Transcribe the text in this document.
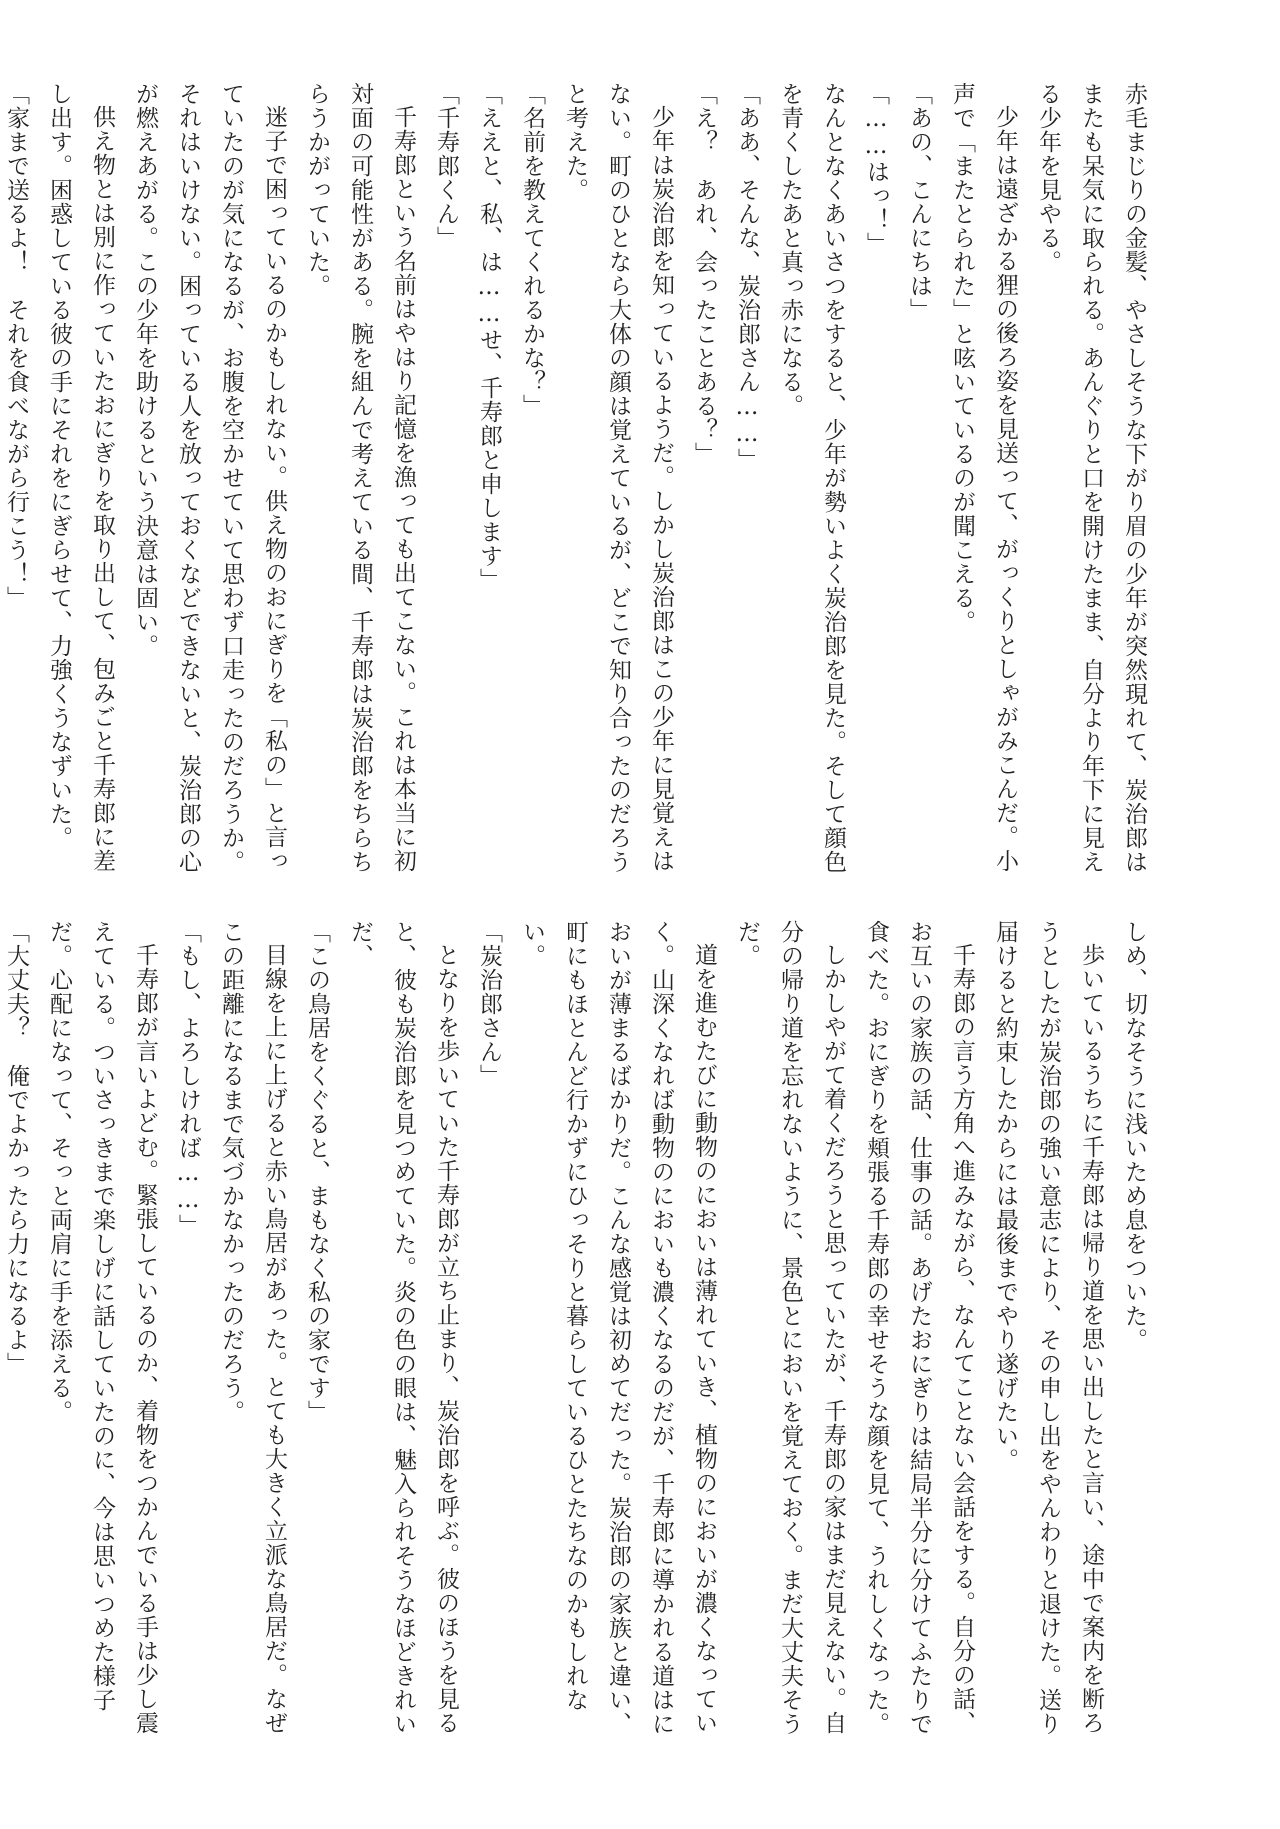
赤毛まじりの金髪、やさしそうな下がり眉の少年が突然現れて、炭治郎はまたも呆気に取られる。あんぐりと口を開けたまま、自分より年下に見える少年を見やる。

少年は遠ざかる狸の後ろ姿を見送って、がっくりとしゃがみこんだ。小声で「またとられた」と呟いているのが聞こえる。

「あの、こんにちは」

「……はっ！」

なんとなくあいさつをすると、少年が勢いよく炭治郎を見た。そして顔色を青くしたあと真っ赤になる。

「ああ、そんな、炭治郎さん……」

「え？　あれ、会ったことある？」

少年は炭治郎を知っているようだ。しかし炭治郎はこの少年に見覚えはない。町のひとなら大体の顔は覚えているが、どこで知り合ったのだろうと考えた。

「名前を教えてくれるかな？」

「ええと、私、は……せ、千寿郎と申します」

「千寿郎くん」

千寿郎という名前はやはり記憶を漁っても出てこない。これは本当に初対面の可能性がある。腕を組んで考えている間、千寿郎は炭治郎をちらちらうかがっていた。

迷子で困っているのかもしれない。供え物のおにぎりを「私の」と言っていたのが気になるが、お腹を空かせていて思わず口走ったのだろうか。それはいけない。困っている人を放っておくなどできないと、炭治郎の心が燃えあがる。この少年を助けるという決意は固い。

供え物とは別に作っていたおにぎりを取り出して、包みごと千寿郎に差し出す。困惑している彼の手にそれをにぎらせて、力強くうなずいた。

「家まで送るよ！　それを食べながら行こう！」

しめ、切なそうに浅いため息をついた。

歩いているうちに千寿郎は帰り道を思い出したと言い、途中で案内を断ろうとしたが炭治郎の強い意志により、その申し出をやんわりと退けた。送り届けると約束したからには最後までやり遂げたい。

千寿郎の言う方角へ進みながら、なんてことない会話をする。自分の話、お互いの家族の話、仕事の話。あげたおにぎりは結局半分に分けてふたりで食べた。おにぎりを頬張る千寿郎の幸せそうな顔を見て、うれしくなった。

しかしやがて着くだろうと思っていたが、千寿郎の家はまだ見えない。自分の帰り道を忘れないように、景色とにおいを覚えておく。まだ大丈夫そうだ。

道を進むたびに動物のにおいは薄れていき、植物のにおいが濃くなっていく。山深くなれば動物のにおいも濃くなるのだが、千寿郎に導かれる道はにおいが薄まるばかりだ。こんな感覚は初めてだった。炭治郎の家族と違い、町にもほとんど行かずにひっそりと暮らしているひとたちなのかもしれない。

「炭治郎さん」

となりを歩いていた千寿郎が立ち止まり、炭治郎を呼ぶ。彼のほうを見ると、彼も炭治郎を見つめていた。炎の色の眼は、魅入られそうなほどきれいだ、

「この鳥居をくぐると、まもなく私の家です」

目線を上に上げると赤い鳥居があった。とても大きく立派な鳥居だ。なぜこの距離になるまで気づかなかったのだろう。

「もし、よろしければ……」

千寿郎が言いよどむ。緊張しているのか、着物をつかんでいる手は少し震えている。ついさっきまで楽しげに話していたのに、今は思いつめた様子だ。心配になって、そっと両肩に手を添える。

「大丈夫？　俺でよかったら力になるよ」
